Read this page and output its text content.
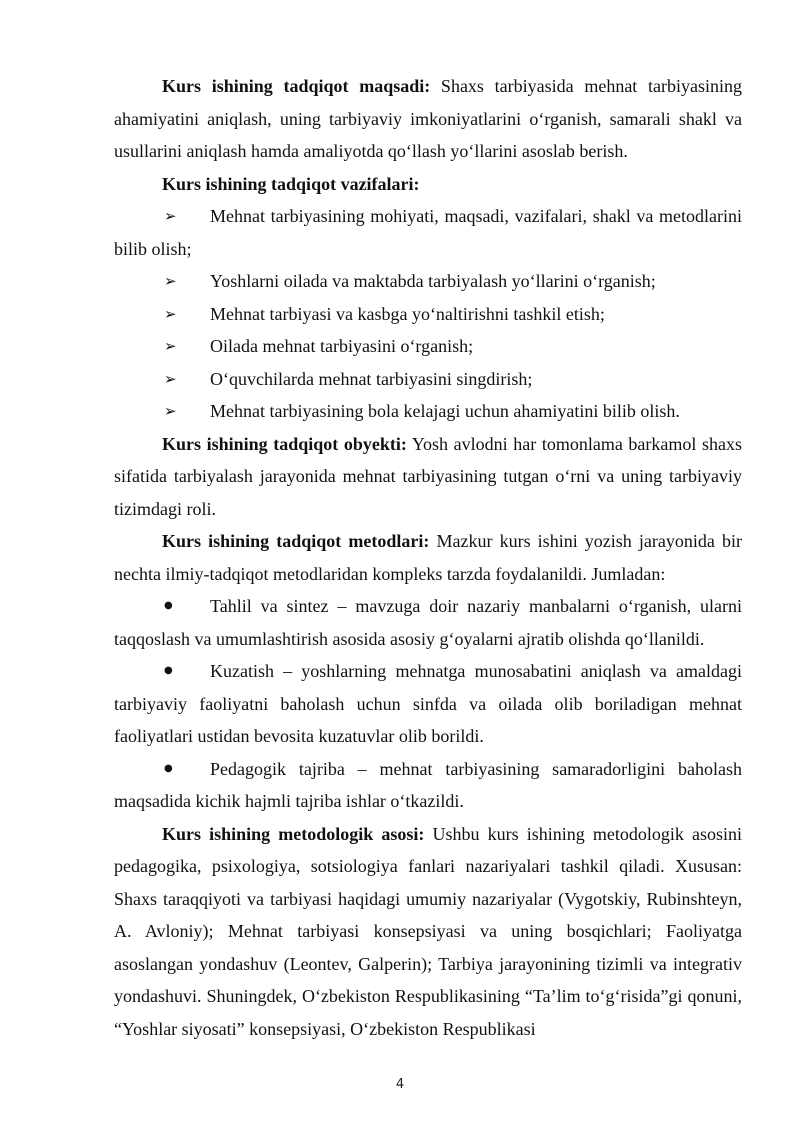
Kurs ishining tadqiqot maqsadi: Shaxs tarbiyasida mehnat tarbiyasining ahamiyatini aniqlash, uning tarbiyaviy imkoniyatlarini oʻrganish, samarali shakl va usullarini aniqlash hamda amaliyotda qoʻllash yoʻllarini asoslab berish.

Kurs ishining tadqiqot vazifalari:

➢	Mehnat tarbiyasining mohiyati, maqsadi, vazifalari, shakl va metodlarini bilib olish;

➢	Yoshlarni oilada va maktabda tarbiyalash yoʻllarini oʻrganish;

➢	Mehnat tarbiyasi va kasbga yoʻnaltirishni tashkil etish;

➢	Oilada mehnat tarbiyasini oʻrganish;

➢	Oʻquvchilarda mehnat tarbiyasini singdirish;

➢	Mehnat tarbiyasining bola kelajagi uchun ahamiyatini bilib olish.

Kurs ishining tadqiqot obyekti: Yosh avlodni har tomonlama barkamol shaxs sifatida tarbiyalash jarayonida mehnat tarbiyasining tutgan oʻrni va uning tarbiyaviy tizimdagi roli.

Kurs ishining tadqiqot metodlari: Mazkur kurs ishini yozish jarayonida bir nechta ilmiy-tadqiqot metodlaridan kompleks tarzda foydalanildi. Jumladan:

●	Tahlil va sintez – mavzuga doir nazariy manbalarni oʻrganish, ularni taqqoslash va umumlashtirish asosida asosiy gʻoyalarni ajratib olishda qoʻllanildi.

●	Kuzatish – yoshlarning mehnatga munosabatini aniqlash va amaldagi tarbiyaviy faoliyatni baholash uchun sinfda va oilada olib boriladigan mehnat faoliyatlari ustidan bevosita kuzatuvlar olib borildi.

●	Pedagogik tajriba – mehnat tarbiyasining samaradorligini baholash maqsadida kichik hajmli tajriba ishlar oʻtkazildi.

Kurs ishining metodologik asosi: Ushbu kurs ishining metodologik asosini pedagogika, psixologiya, sotsiologiya fanlari nazariyalari tashkil qiladi. Xususan: Shaxs taraqqiyoti va tarbiyasi haqidagi umumiy nazariyalar (Vygotskiy, Rubinshteyn, A. Avloniy); Mehnat tarbiyasi konsepsiyasi va uning bosqichlari; Faoliyatga asoslangan yondashuv (Leontev, Galperin); Tarbiya jarayonining tizimli va integrativ yondashuvi. Shuningdek, Oʻzbekiston Respublikasining “Ta’lim toʻgʻrisida”gi qonuni, “Yoshlar siyosati” konsepsiyasi, Oʻzbekiston Respublikasi

4
